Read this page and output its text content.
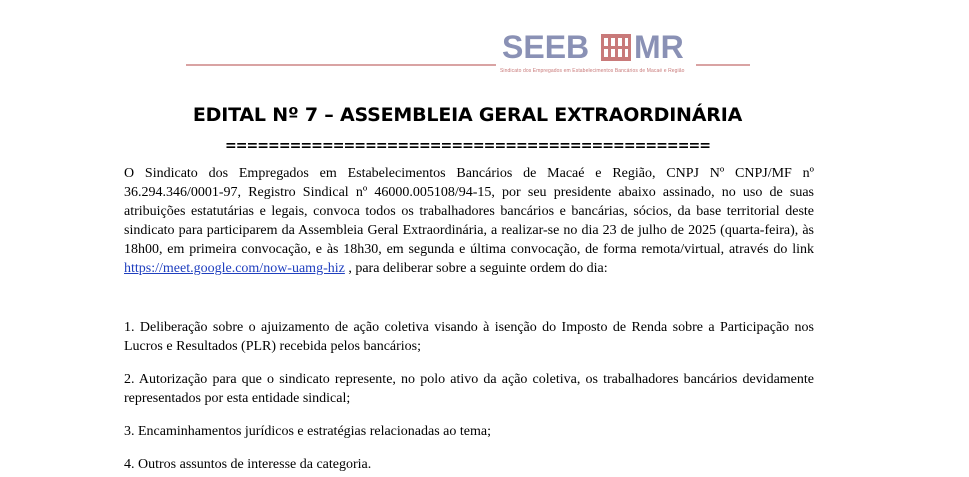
SEEB MR
Sindicato dos Empregados em Estabelecimentos Bancários de Macaé e Região
EDITAL Nº 7 – ASSEMBLEIA GERAL EXTRAORDINÁRIA
=============================================

O Sindicato dos Empregados em Estabelecimentos Bancários de Macaé e Região, CNPJ Nº CNPJ/MF nº 36.294.346/0001-97, Registro Sindical nº 46000.005108/94-15, por seu presidente abaixo assinado, no uso de suas atribuições estatutárias e legais, convoca todos os trabalhadores bancários e bancárias, sócios, da base territorial deste sindicato para participarem da Assembleia Geral Extraordinária, a realizar-se no dia 23 de julho de 2025 (quarta-feira), às 18h00, em primeira convocação, e às 18h30, em segunda e última convocação, de forma remota/virtual, através do link https://meet.google.com/now-uamg-hiz , para deliberar sobre a seguinte ordem do dia:

1. Deliberação sobre o ajuizamento de ação coletiva visando à isenção do Imposto de Renda sobre a Participação nos Lucros e Resultados (PLR) recebida pelos bancários;

2. Autorização para que o sindicato represente, no polo ativo da ação coletiva, os trabalhadores bancários devidamente representados por esta entidade sindical;

3. Encaminhamentos jurídicos e estratégias relacionadas ao tema;

4. Outros assuntos de interesse da categoria.
